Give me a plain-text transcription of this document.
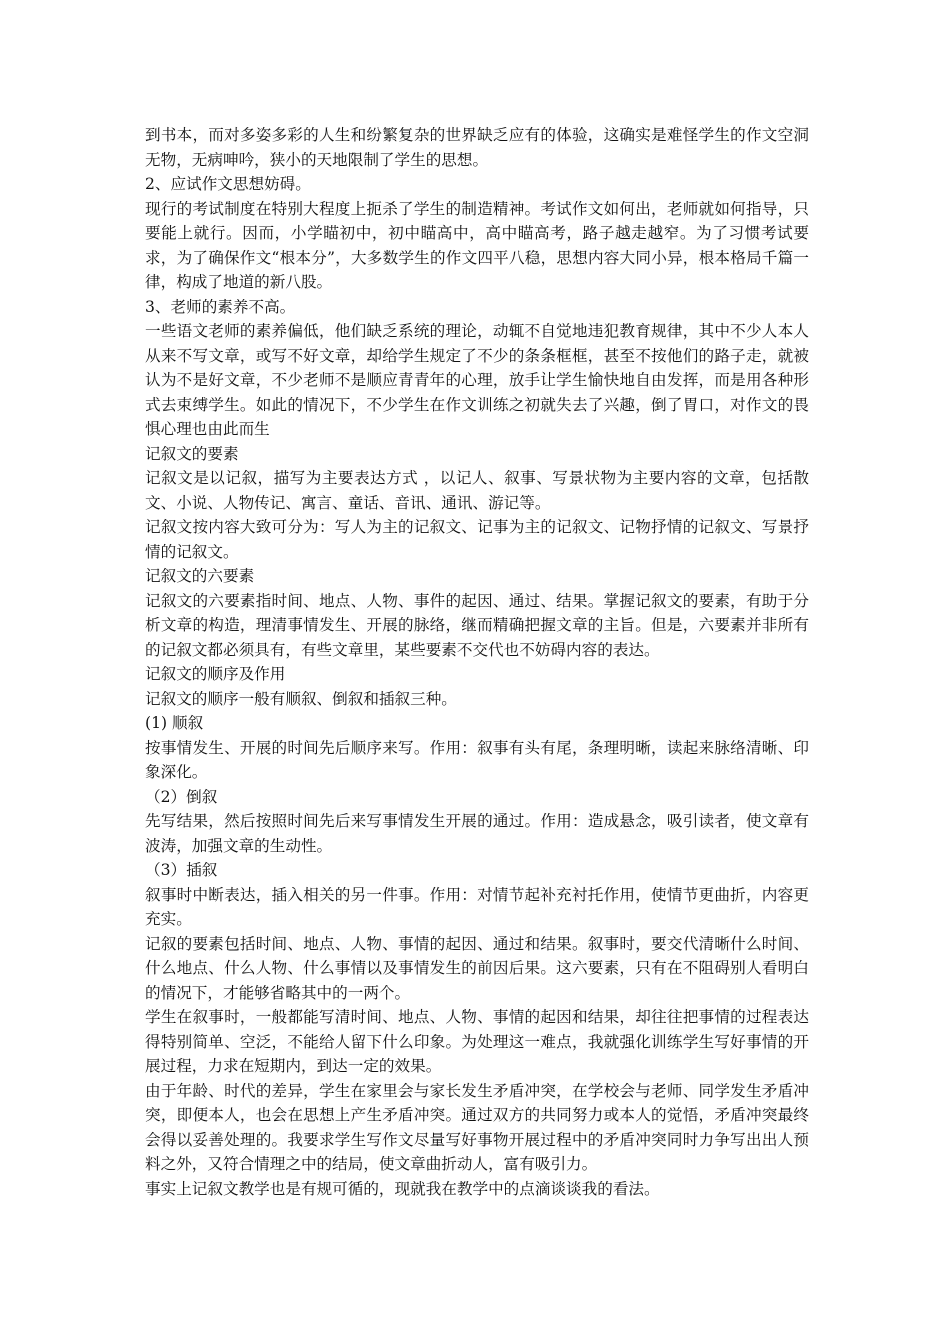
到书本，而对多姿多彩的人生和纷繁复杂的世界缺乏应有的体验，这确实是难怪学生的作文空洞无物，无病呻吟，狭小的天地限制了学生的思想。

2、应试作文思想妨碍。

现行的考试制度在特别大程度上扼杀了学生的制造精神。考试作文如何出，老师就如何指导，只要能上就行。因而，小学瞄初中，初中瞄高中，高中瞄高考，路子越走越窄。为了习惯考试要求，为了确保作文“根本分”，大多数学生的作文四平八稳，思想内容大同小异，根本格局千篇一律，构成了地道的新八股。

3、老师的素养不高。

一些语文老师的素养偏低，他们缺乏系统的理论，动辄不自觉地违犯教育规律，其中不少人本人从来不写文章，或写不好文章，却给学生规定了不少的条条框框，甚至不按他们的路子走，就被认为不是好文章，不少老师不是顺应青青年的心理，放手让学生愉快地自由发挥，而是用各种形式去束缚学生。如此的情况下，不少学生在作文训练之初就失去了兴趣，倒了胃口，对作文的畏惧心理也由此而生

记叙文的要素

记叙文是以记叙，描写为主要表达方式 ，以记人、叙事、写景状物为主要内容的文章，包括散文、小说、人物传记、寓言、童话、音讯、通讯、游记等。

记叙文按内容大致可分为：写人为主的记叙文、记事为主的记叙文、记物抒情的记叙文、写景抒情的记叙文。

记叙文的六要素

记叙文的六要素指时间、地点、人物、事件的起因、通过、结果。掌握记叙文的要素，有助于分析文章的构造，理清事情发生、开展的脉络，继而精确把握文章的主旨。但是，六要素并非所有的记叙文都必须具有，有些文章里，某些要素不交代也不妨碍内容的表达。

记叙文的顺序及作用

记叙文的顺序一般有顺叙、倒叙和插叙三种。

(1) 顺叙

按事情发生、开展的时间先后顺序来写。作用：叙事有头有尾，条理明晰，读起来脉络清晰、印象深化。

（2）倒叙

先写结果，然后按照时间先后来写事情发生开展的通过。作用：造成悬念，吸引读者，使文章有波涛，加强文章的生动性。

（3）插叙

叙事时中断表达，插入相关的另一件事。作用：对情节起补充衬托作用，使情节更曲折，内容更充实。

记叙的要素包括时间、地点、人物、事情的起因、通过和结果。叙事时，要交代清晰什么时间、什么地点、什么人物、什么事情以及事情发生的前因后果。这六要素，只有在不阻碍别人看明白的情况下，才能够省略其中的一两个。

学生在叙事时，一般都能写清时间、地点、人物、事情的起因和结果，却往往把事情的过程表达得特别简单、空泛，不能给人留下什么印象。为处理这一难点，我就强化训练学生写好事情的开展过程，力求在短期内，到达一定的效果。

由于年龄、时代的差异，学生在家里会与家长发生矛盾冲突，在学校会与老师、同学发生矛盾冲突，即便本人，也会在思想上产生矛盾冲突。通过双方的共同努力或本人的觉悟，矛盾冲突最终会得以妥善处理的。我要求学生写作文尽量写好事物开展过程中的矛盾冲突同时力争写出出人预料之外，又符合情理之中的结局，使文章曲折动人，富有吸引力。

事实上记叙文教学也是有规可循的，现就我在教学中的点滴谈谈我的看法。
